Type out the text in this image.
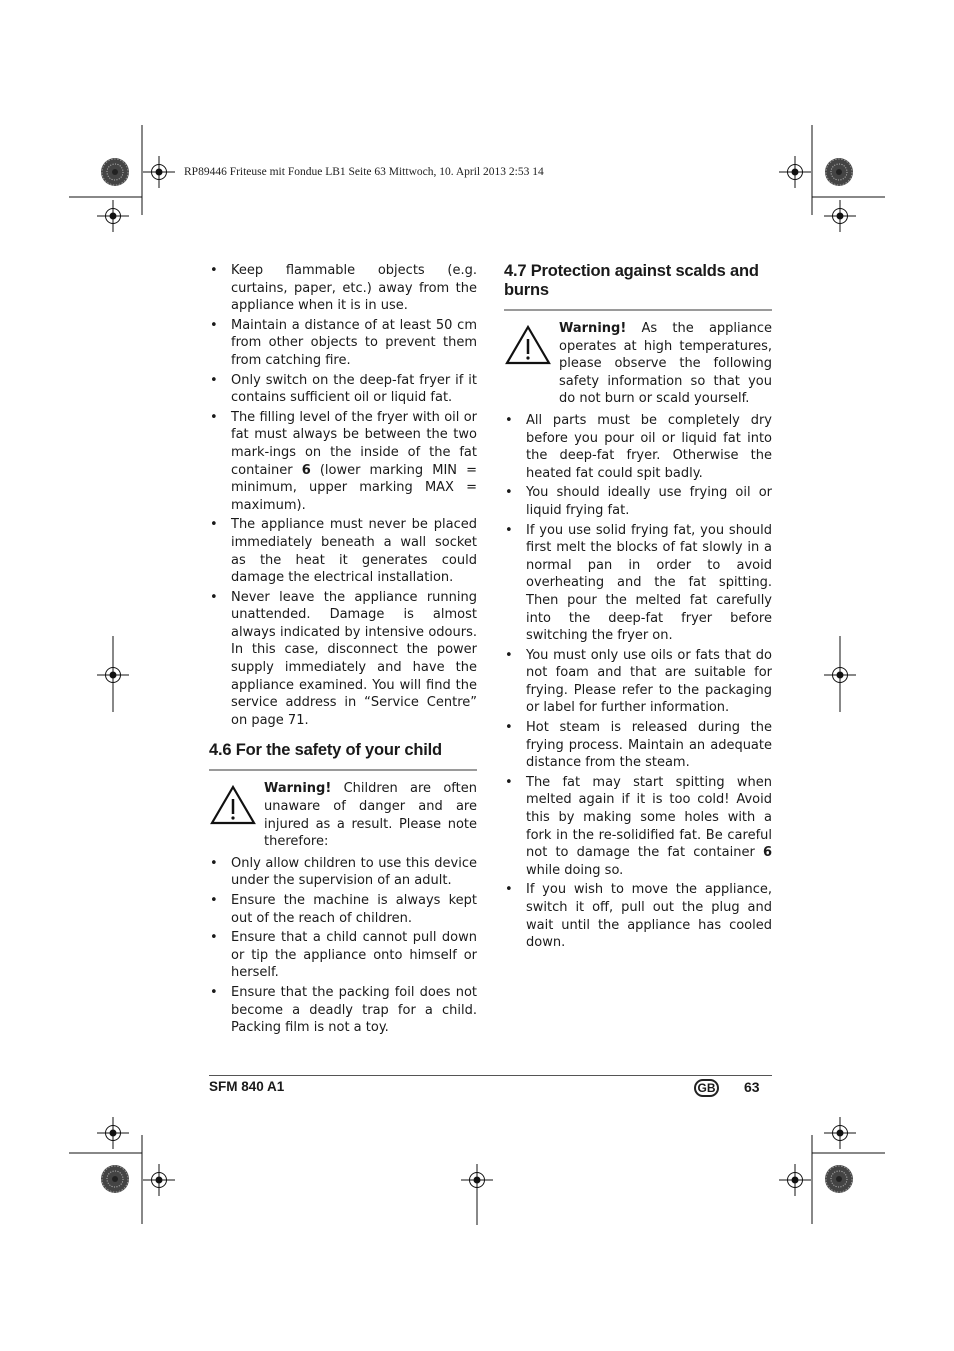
RP89446 Friteuse mit Fondue LB1 Seite 63 Mittwoch, 10. April 2013 2:53 14
• Keep flammable objects (e.g. curtains, paper, etc.) away from the appliance when it is in use.
• Maintain a distance of at least 50 cm from other objects to prevent them from catching fire.
• Only switch on the deep-fat fryer if it contains sufficient oil or liquid fat.
• The filling level of the fryer with oil or fat must always be between the two mark-ings on the inside of the fat container 6 (lower marking MIN = minimum, upper marking MAX = maximum).
• The appliance must never be placed immediately beneath a wall socket as the heat it generates could damage the electrical installation.
• Never leave the appliance running unattended. Damage is almost always indicated by intensive odours. In this case, disconnect the power supply immediately and have the appliance examined. You will find the service address in “Service Centre” on page 71.
4.6 For the safety of your child
Warning! Children are often unaware of danger and are injured as a result. Please note therefore:
• Only allow children to use this device under the supervision of an adult.
• Ensure the machine is always kept out of the reach of children.
• Ensure that a child cannot pull down or tip the appliance onto himself or herself.
• Ensure that the packing foil does not become a deadly trap for a child. Packing film is not a toy.
4.7 Protection against scalds and burns
Warning! As the appliance operates at high temperatures, please observe the following safety information so that you do not burn or scald yourself.
• All parts must be completely dry before you pour oil or liquid fat into the deep-fat fryer. Otherwise the heated fat could spit badly.
• You should ideally use frying oil or liquid frying fat.
• If you use solid frying fat, you should first melt the blocks of fat slowly in a normal pan in order to avoid overheating and the fat spitting. Then pour the melted fat carefully into the deep-fat fryer before switching the fryer on.
• You must only use oils or fats that do not foam and that are suitable for frying. Please refer to the packaging or label for further information.
• Hot steam is released during the frying process. Maintain an adequate distance from the steam.
• The fat may start spitting when melted again if it is too cold! Avoid this by making some holes with a fork in the re-solidified fat. Be careful not to damage the fat container 6 while doing so.
• If you wish to move the appliance, switch it off, pull out the plug and wait until the appliance has cooled down.
SFM 840 A1	GB 63
